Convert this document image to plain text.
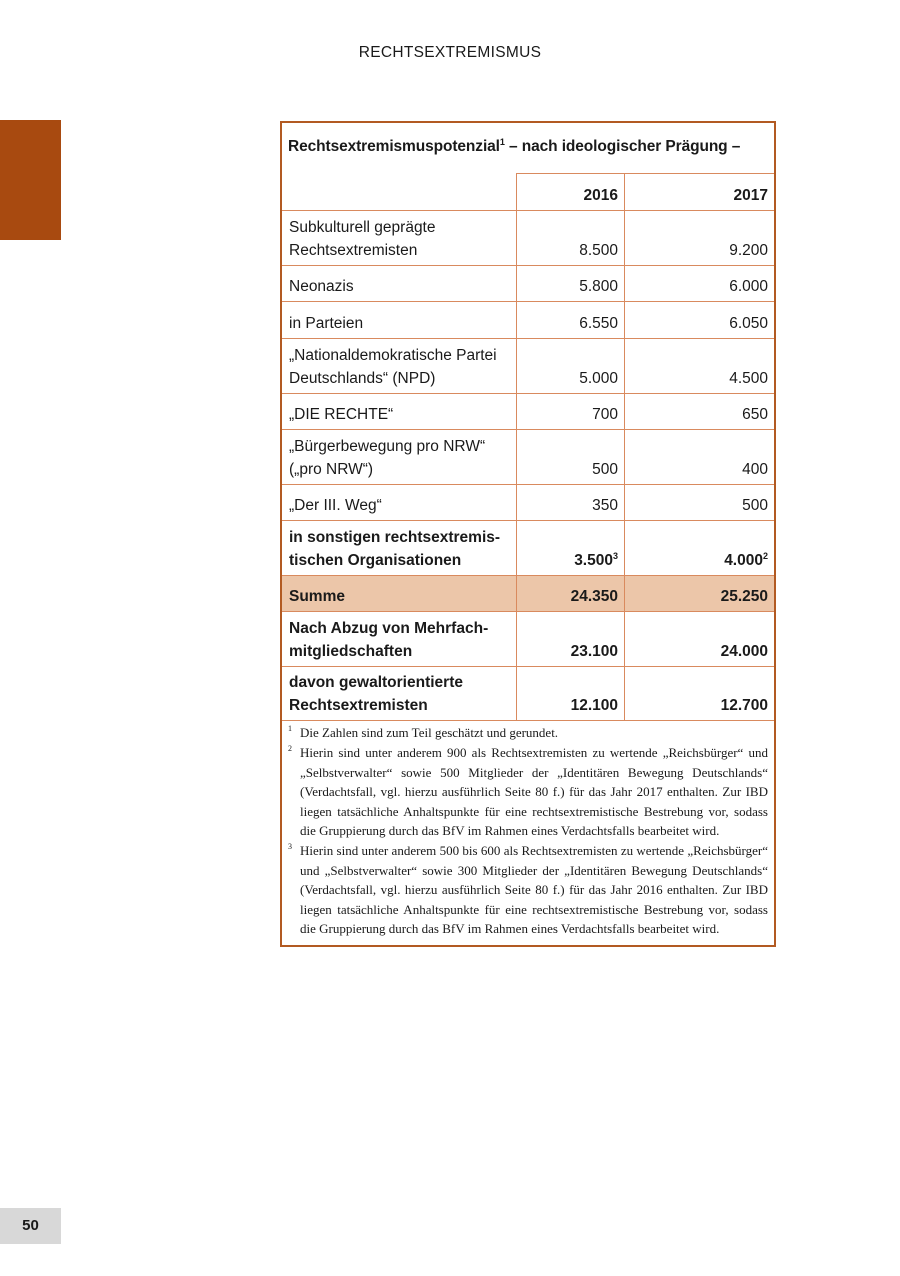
RECHTSEXTREMISMUS
Rechtsextremismuspotenzial$^1$ – nach ideologischer Prägung –
	2016	2017
Subkulturell geprägte Rechtsextremisten	8.500	9.200
Neonazis	5.800	6.000
in Parteien	6.550	6.050
„Nationaldemokratische Partei Deutschlands“ (NPD)	5.000	4.500
„DIE RECHTE“	700	650
„Bürgerbewegung pro NRW“ („pro NRW“)	500	400
„Der III. Weg“	350	500
in sonstigen rechtsextremistischen Organisationen	3.500$^3$	4.000$^2$
Summe	24.350	25.250
Nach Abzug von Mehrfachmitgliedschaften	23.100	24.000
davon gewaltorientierte Rechtsextremisten	12.100	12.700
1 Die Zahlen sind zum Teil geschätzt und gerundet.
2 Hierin sind unter anderem 900 als Rechtsextremisten zu wertende „Reichsbürger“ und „Selbstverwalter“ sowie 500 Mitglieder der „Identitären Bewegung Deutschlands“ (Verdachtsfall, vgl. hierzu ausführlich Seite 80 f.) für das Jahr 2017 enthalten. Zur IBD liegen tatsächliche Anhaltspunkte für eine rechtsextremistische Bestrebung vor, sodass die Gruppierung durch das BfV im Rahmen eines Verdachtsfalls bearbeitet wird.
3 Hierin sind unter anderem 500 bis 600 als Rechtsextremisten zu wertende „Reichsbürger“ und „Selbstverwalter“ sowie 300 Mitglieder der „Identitären Bewegung Deutschlands“ (Verdachtsfall, vgl. hierzu ausführlich Seite 80 f.) für das Jahr 2016 enthalten. Zur IBD liegen tatsächliche Anhaltspunkte für eine rechtsextremistische Bestrebung vor, sodass die Gruppierung durch das BfV im Rahmen eines Verdachtsfalls bearbeitet wird.
50
